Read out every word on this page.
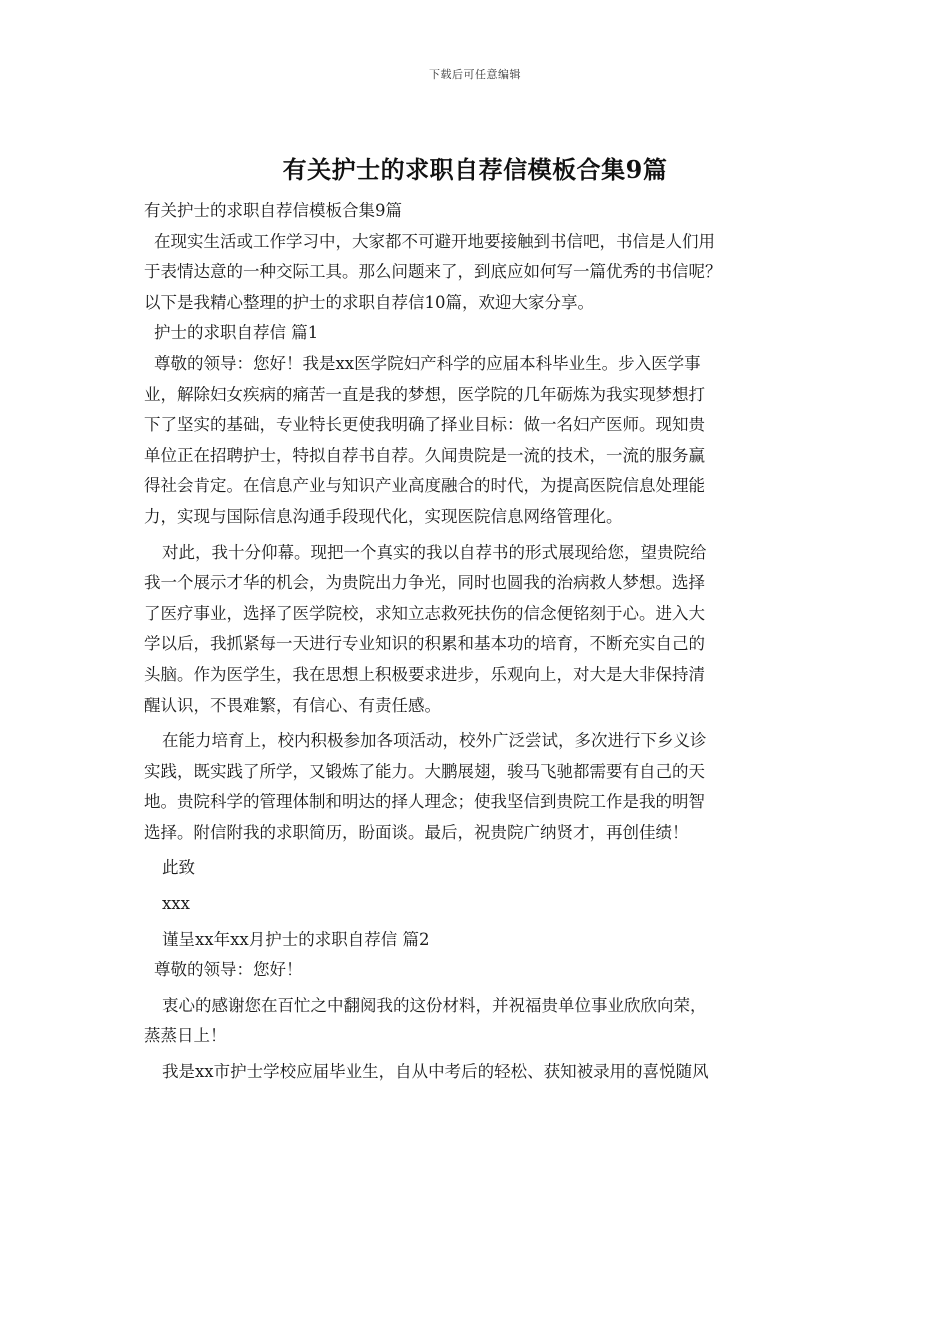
下载后可任意编辑
有关护士的求职自荐信模板合集9篇
有关护士的求职自荐信模板合集9篇
在现实生活或工作学习中，大家都不可避开地要接触到书信吧，书信是人们用
于表情达意的一种交际工具。那么问题来了，到底应如何写一篇优秀的书信呢？
以下是我精心整理的护士的求职自荐信10篇，欢迎大家分享。
护士的求职自荐信 篇1
尊敬的领导：您好！我是xx医学院妇产科学的应届本科毕业生。步入医学事
业，解除妇女疾病的痛苦一直是我的梦想，医学院的几年砺炼为我实现梦想打
下了坚实的基础，专业特长更使我明确了择业目标：做一名妇产医师。现知贵
单位正在招聘护士，特拟自荐书自荐。久闻贵院是一流的技术，一流的服务赢
得社会肯定。在信息产业与知识产业高度融合的时代，为提高医院信息处理能
力，实现与国际信息沟通手段现代化，实现医院信息网络管理化。
对此，我十分仰幕。现把一个真实的我以自荐书的形式展现给您，望贵院给
我一个展示才华的机会，为贵院出力争光，同时也圆我的治病救人梦想。选择
了医疗事业，选择了医学院校，求知立志救死扶伤的信念便铭刻于心。进入大
学以后，我抓紧每一天进行专业知识的积累和基本功的培育，不断充实自己的
头脑。作为医学生，我在思想上积极要求进步，乐观向上，对大是大非保持清
醒认识，不畏难繁，有信心、有责任感。
在能力培育上，校内积极参加各项活动，校外广泛尝试，多次进行下乡义诊
实践，既实践了所学，又锻炼了能力。大鹏展翅，骏马飞驰都需要有自己的天
地。贵院科学的管理体制和明达的择人理念；使我坚信到贵院工作是我的明智
选择。附信附我的求职简历，盼面谈。最后，祝贵院广纳贤才，再创佳绩！
此致
xxx
谨呈xx年xx月护士的求职自荐信 篇2
尊敬的领导：您好！
衷心的感谢您在百忙之中翻阅我的这份材料，并祝福贵单位事业欣欣向荣，
蒸蒸日上！
我是xx市护士学校应届毕业生，自从中考后的轻松、获知被录用的喜悦随风
